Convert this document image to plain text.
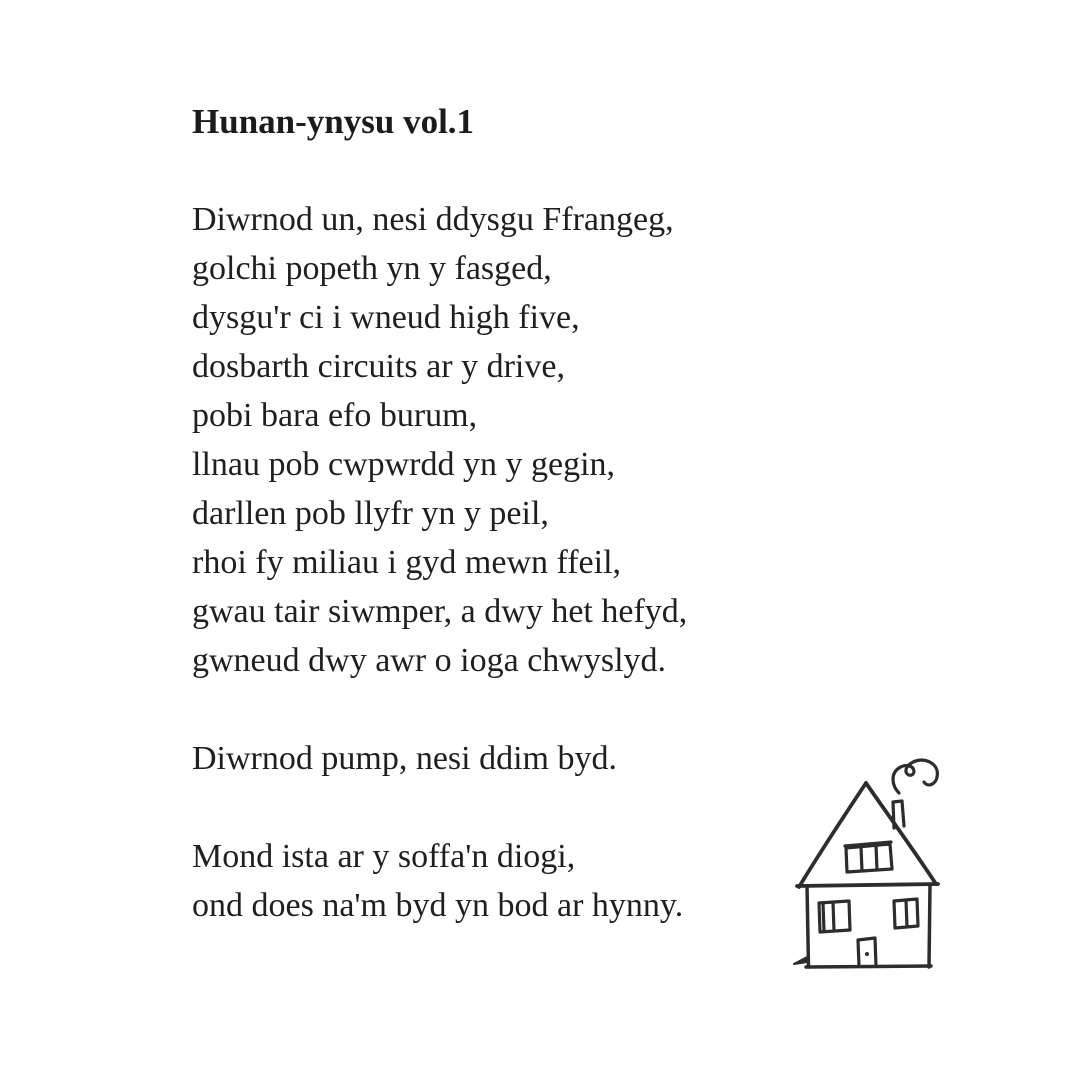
Hunan-ynysu vol.1

Diwrnod un, nesi ddysgu Ffrangeg,
golchi popeth yn y fasged,
dysgu'r ci i wneud high five,
dosbarth circuits ar y drive,
pobi bara efo burum,
llnau pob cwpwrdd yn y gegin,
darllen pob llyfr yn y peil,
rhoi fy miliau i gyd mewn ffeil,
gwau tair siwmper, a dwy het hefyd,
gwneud dwy awr o ioga chwyslyd.

Diwrnod pump, nesi ddim byd.

Mond ista ar y soffa'n diogi,
ond does na'm byd yn bod ar hynny.
